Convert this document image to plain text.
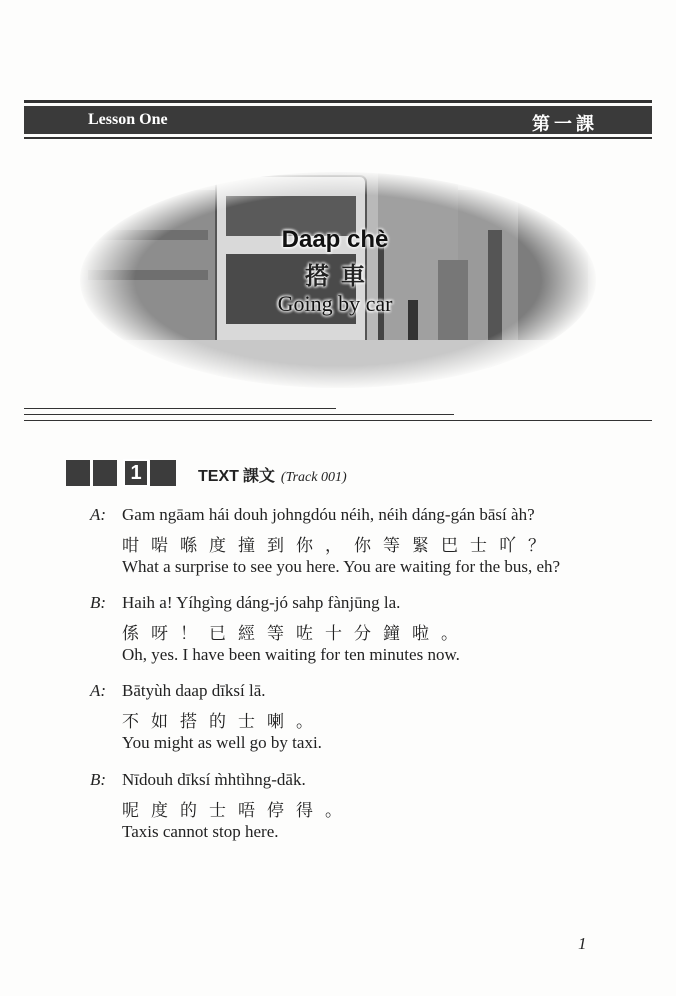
Lesson One	第一課
Daap chè
搭車
Going by car
1	TEXT 課文 (Track 001)
A: Gam ngāam hái douh johngdóu néih, néih dáng-gán bāsí àh?
咁啱喺度撞到你，你等緊巴士吖？
What a surprise to see you here. You are waiting for the bus, eh?
B: Haih a! Yíhgìng dáng-jó sahp fànjūng la.
係呀！已經等咗十分鐘啦。
Oh, yes. I have been waiting for ten minutes now.
A: Bātyùh daap dīksí lā.
不如搭的士喇。
You might as well go by taxi.
B: Nīdouh dīksí m̀htìhng-dāk.
呢度的士唔停得。
Taxis cannot stop here.
1
